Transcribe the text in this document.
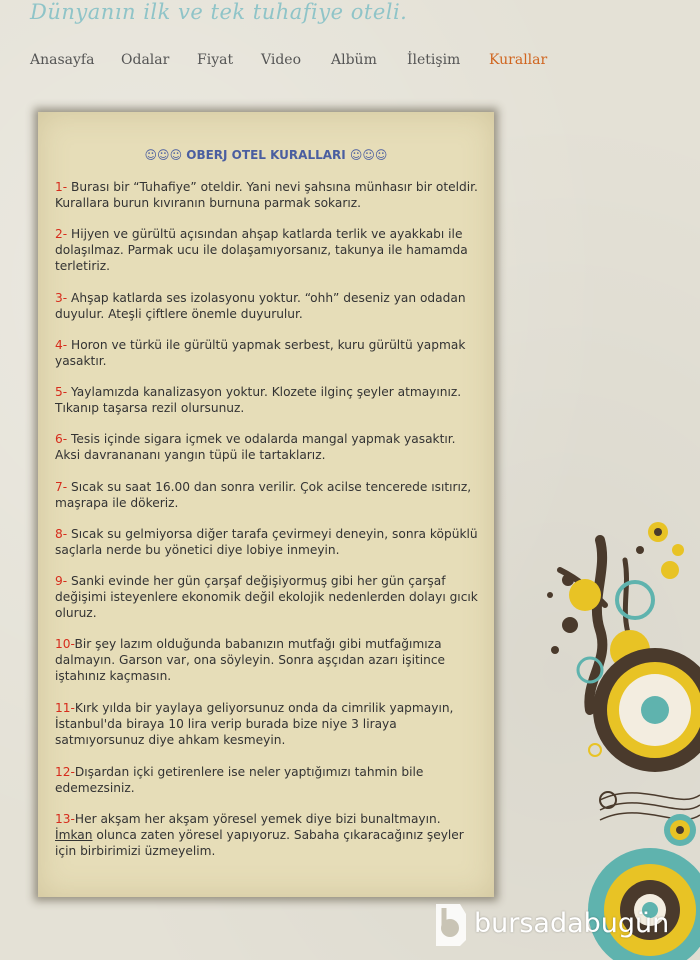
Dünyanın ilk ve tek tuhafiye oteli.
Anasayfa Odalar Fiyat Video Albüm İletişim Kurallar
☺☺☺ OBERJ OTEL KURALLARI ☺☺☺
1- Burası bir “Tuhafiye” oteldir. Yani nevi şahsına münhasır bir oteldir. Kurallara burun kıvıranın burnuna parmak sokarız.
2- Hijyen ve gürültü açısından ahşap katlarda terlik ve ayakkabı ile dolaşılmaz. Parmak ucu ile dolaşamıyorsanız, takunya ile hamamda terletiriz.
3- Ahşap katlarda ses izolasyonu yoktur. “ohh” deseniz yan odadan duyulur. Ateşli çiftlere önemle duyurulur.
4- Horon ve türkü ile gürültü yapmak serbest, kuru gürültü yapmak yasaktır.
5- Yaylamızda kanalizasyon yoktur. Klozete ilginç şeyler atmayınız. Tıkanıp taşarsa rezil olursunuz.
6- Tesis içinde sigara içmek ve odalarda mangal yapmak yasaktır. Aksi davranananı yangın tüpü ile tartaklarız.
7- Sıcak su saat 16.00 dan sonra verilir. Çok acilse tencerede ısıtırız, maşrapa ile dökeriz.
8- Sıcak su gelmiyorsa diğer tarafa çevirmeyi deneyin, sonra köpüklü saçlarla nerde bu yönetici diye lobiye inmeyin.
9- Sanki evinde her gün çarşaf değişiyormuş gibi her gün çarşaf değişimi isteyenlere ekonomik değil ekolojik nedenlerden dolayı gıcık oluruz.
10-Bir şey lazım olduğunda babanızın mutfağı gibi mutfağımıza dalmayın. Garson var, ona söyleyin. Sonra aşçıdan azarı işitince iştahınız kaçmasın.
11-Kırk yılda bir yaylaya geliyorsunuz onda da cimrilik yapmayın, İstanbul'da biraya 10 lira verip burada bize niye 3 liraya satmıyorsunuz diye ahkam kesmeyin.
12-Dışardan içki getirenlere ise neler yaptığımızı tahmin bile edemezsiniz.
13-Her akşam her akşam yöresel yemek diye bizi bunaltmayın. İmkan olunca zaten yöresel yapıyoruz. Sabaha çıkaracağınız şeyler için birbirimizi üzmeyelim.
bursadabugün
